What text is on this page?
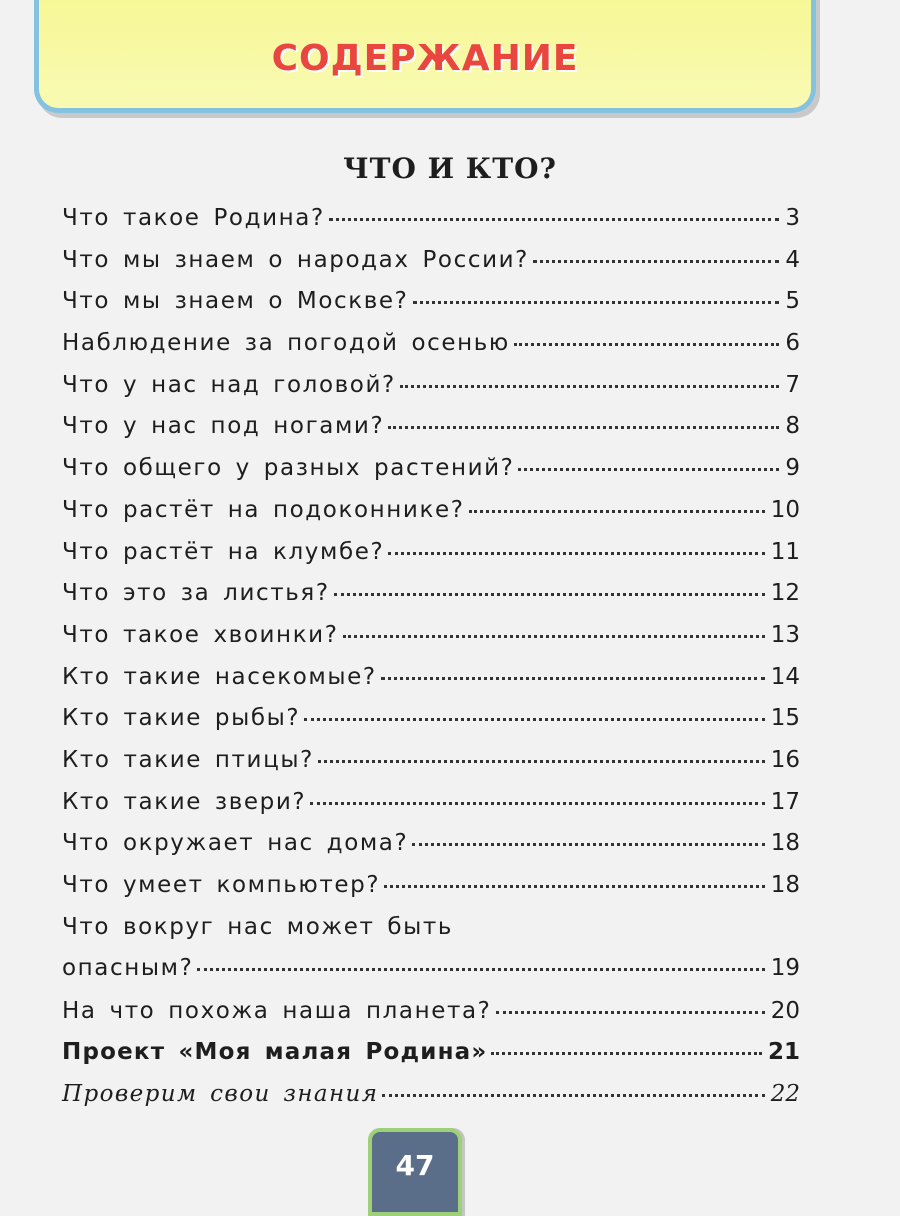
СОДЕРЖАНИЕ
ЧТО И КТО?
Что такое Родина?	3
Что мы знаем о народах России?	4
Что мы знаем о Москве?	5
Наблюдение за погодой осенью	6
Что у нас над головой?	7
Что у нас под ногами?	8
Что общего у разных растений?	9
Что растёт на подоконнике?	10
Что растёт на клумбе?	11
Что это за листья?	12
Что такое хвоинки?	13
Кто такие насекомые?	14
Кто такие рыбы?	15
Кто такие птицы?	16
Кто такие звери?	17
Что окружает нас дома?	18
Что умеет компьютер?	18
Что вокруг нас может быть
опасным?	19
На что похожа наша планета?	20
Проект «Моя малая Родина»	21
Проверим свои знания	22
47
